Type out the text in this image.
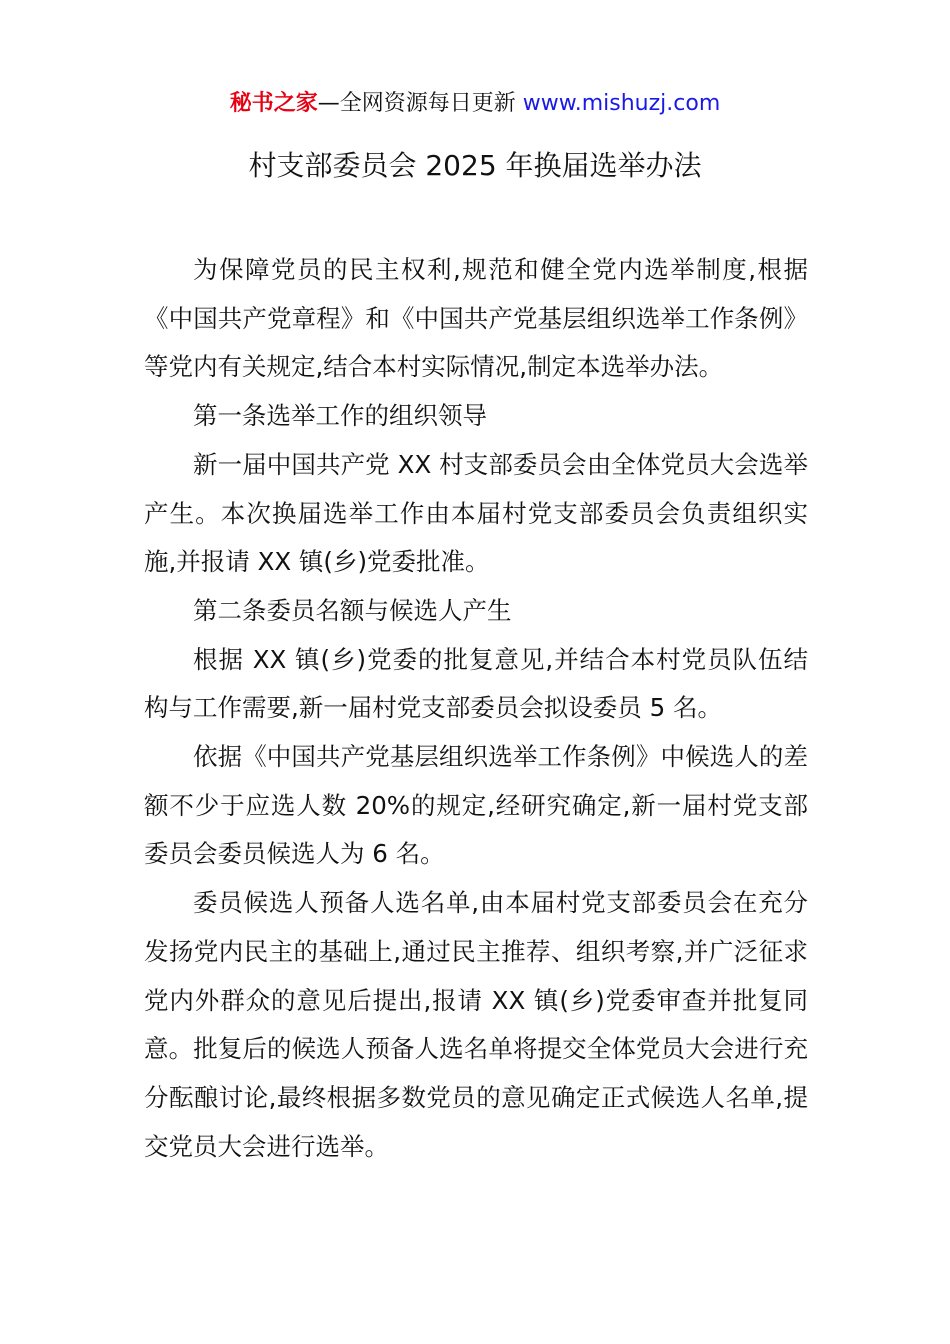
秘书之家—全网资源每日更新 www.mishuzj.com
村支部委员会 2025 年换届选举办法

为保障党员的民主权利,规范和健全党内选举制度,根据《中国共产党章程》和《中国共产党基层组织选举工作条例》等党内有关规定,结合本村实际情况,制定本选举办法。

第一条选举工作的组织领导

新一届中国共产党 XX 村支部委员会由全体党员大会选举产生。本次换届选举工作由本届村党支部委员会负责组织实施,并报请 XX 镇(乡)党委批准。

第二条委员名额与候选人产生

根据 XX 镇(乡)党委的批复意见,并结合本村党员队伍结构与工作需要,新一届村党支部委员会拟设委员 5 名。

依据《中国共产党基层组织选举工作条例》中候选人的差额不少于应选人数 20%的规定,经研究确定,新一届村党支部委员会委员候选人为 6 名。

委员候选人预备人选名单,由本届村党支部委员会在充分发扬党内民主的基础上,通过民主推荐、组织考察,并广泛征求党内外群众的意见后提出,报请 XX 镇(乡)党委审查并批复同意。批复后的候选人预备人选名单将提交全体党员大会进行充分酝酿讨论,最终根据多数党员的意见确定正式候选人名单,提交党员大会进行选举。
